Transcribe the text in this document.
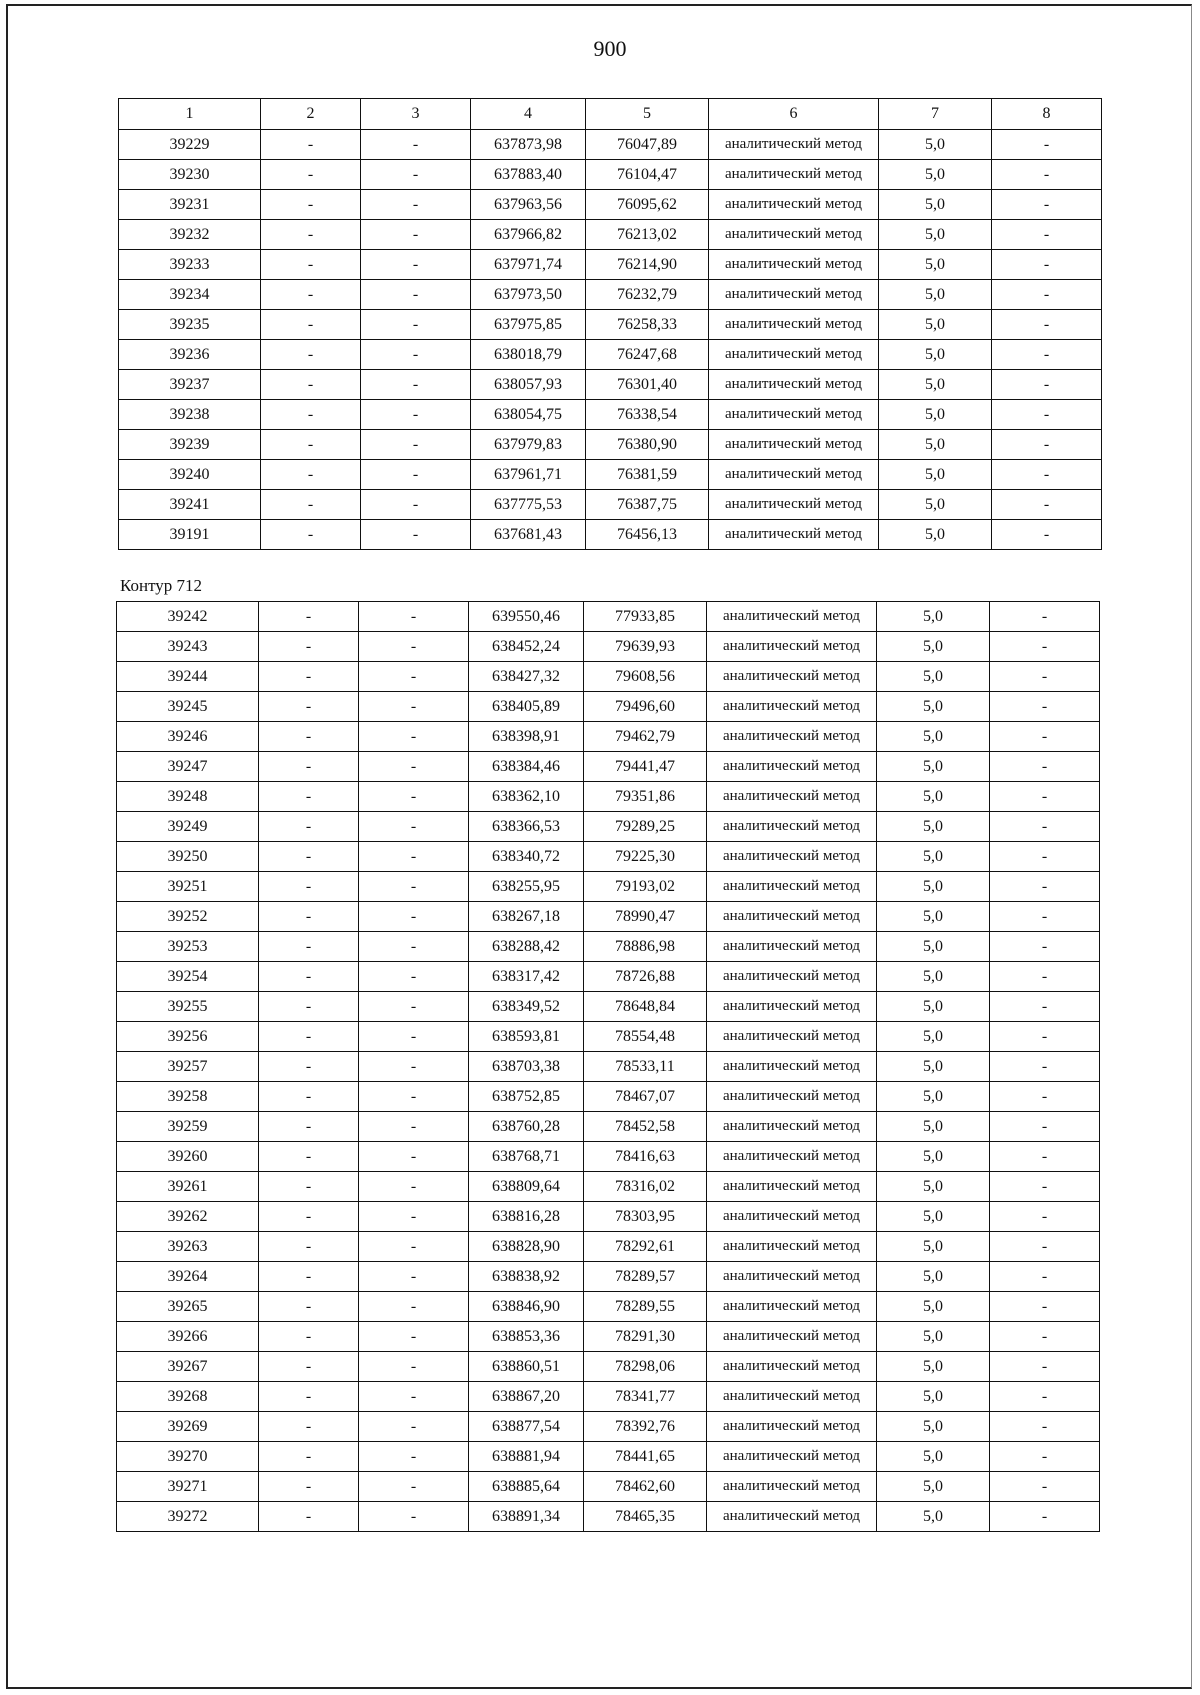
900
1	2	3	4	5	6	7	8
39229	-	-	637873,98	76047,89	аналитический метод	5,0	-
39230	-	-	637883,40	76104,47	аналитический метод	5,0	-
39231	-	-	637963,56	76095,62	аналитический метод	5,0	-
39232	-	-	637966,82	76213,02	аналитический метод	5,0	-
39233	-	-	637971,74	76214,90	аналитический метод	5,0	-
39234	-	-	637973,50	76232,79	аналитический метод	5,0	-
39235	-	-	637975,85	76258,33	аналитический метод	5,0	-
39236	-	-	638018,79	76247,68	аналитический метод	5,0	-
39237	-	-	638057,93	76301,40	аналитический метод	5,0	-
39238	-	-	638054,75	76338,54	аналитический метод	5,0	-
39239	-	-	637979,83	76380,90	аналитический метод	5,0	-
39240	-	-	637961,71	76381,59	аналитический метод	5,0	-
39241	-	-	637775,53	76387,75	аналитический метод	5,0	-
39191	-	-	637681,43	76456,13	аналитический метод	5,0	-
Контур 712
39242	-	-	639550,46	77933,85	аналитический метод	5,0	-
39243	-	-	638452,24	79639,93	аналитический метод	5,0	-
39244	-	-	638427,32	79608,56	аналитический метод	5,0	-
39245	-	-	638405,89	79496,60	аналитический метод	5,0	-
39246	-	-	638398,91	79462,79	аналитический метод	5,0	-
39247	-	-	638384,46	79441,47	аналитический метод	5,0	-
39248	-	-	638362,10	79351,86	аналитический метод	5,0	-
39249	-	-	638366,53	79289,25	аналитический метод	5,0	-
39250	-	-	638340,72	79225,30	аналитический метод	5,0	-
39251	-	-	638255,95	79193,02	аналитический метод	5,0	-
39252	-	-	638267,18	78990,47	аналитический метод	5,0	-
39253	-	-	638288,42	78886,98	аналитический метод	5,0	-
39254	-	-	638317,42	78726,88	аналитический метод	5,0	-
39255	-	-	638349,52	78648,84	аналитический метод	5,0	-
39256	-	-	638593,81	78554,48	аналитический метод	5,0	-
39257	-	-	638703,38	78533,11	аналитический метод	5,0	-
39258	-	-	638752,85	78467,07	аналитический метод	5,0	-
39259	-	-	638760,28	78452,58	аналитический метод	5,0	-
39260	-	-	638768,71	78416,63	аналитический метод	5,0	-
39261	-	-	638809,64	78316,02	аналитический метод	5,0	-
39262	-	-	638816,28	78303,95	аналитический метод	5,0	-
39263	-	-	638828,90	78292,61	аналитический метод	5,0	-
39264	-	-	638838,92	78289,57	аналитический метод	5,0	-
39265	-	-	638846,90	78289,55	аналитический метод	5,0	-
39266	-	-	638853,36	78291,30	аналитический метод	5,0	-
39267	-	-	638860,51	78298,06	аналитический метод	5,0	-
39268	-	-	638867,20	78341,77	аналитический метод	5,0	-
39269	-	-	638877,54	78392,76	аналитический метод	5,0	-
39270	-	-	638881,94	78441,65	аналитический метод	5,0	-
39271	-	-	638885,64	78462,60	аналитический метод	5,0	-
39272	-	-	638891,34	78465,35	аналитический метод	5,0	-
